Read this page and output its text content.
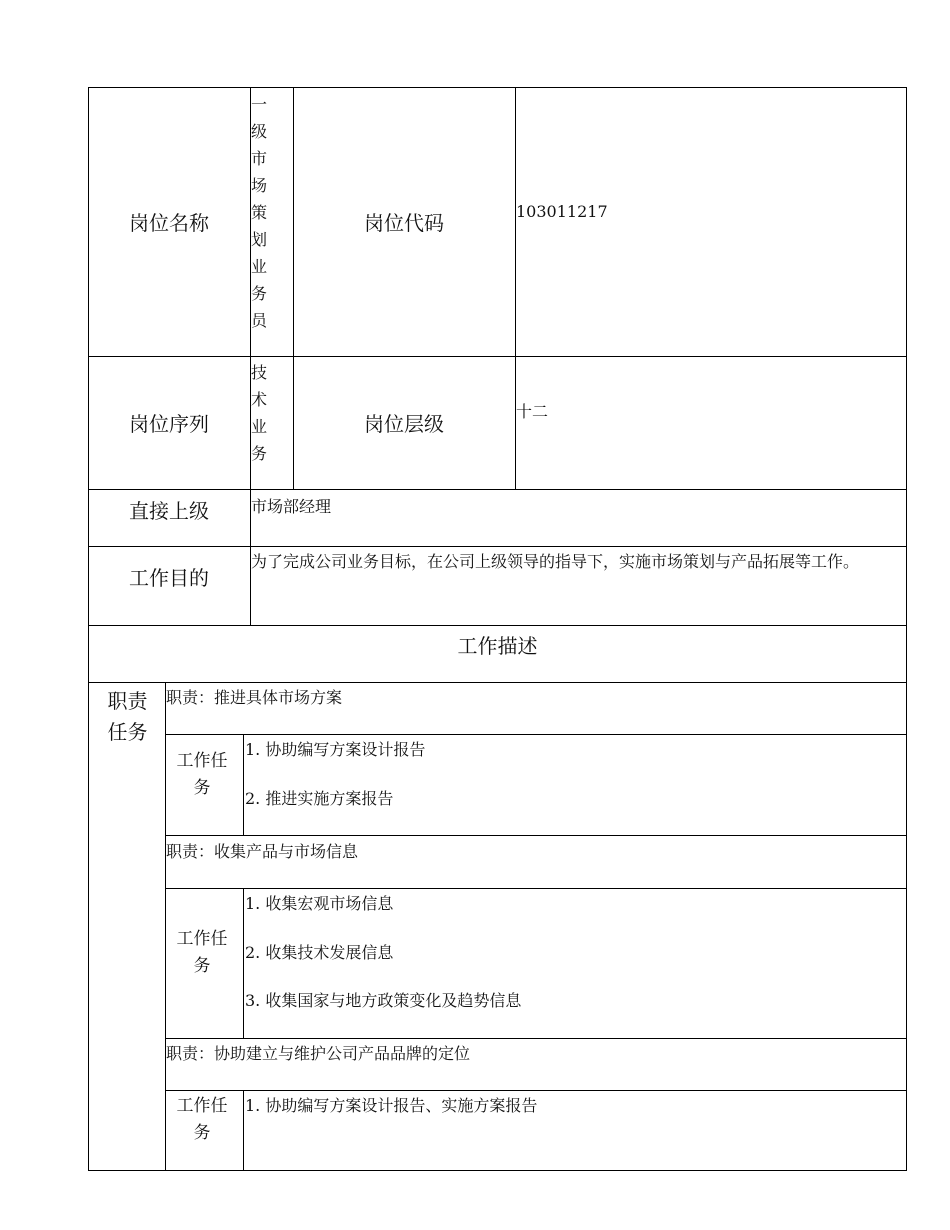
岗位名称
一级市场策划业务员
岗位代码	103011217
岗位序列
技术业务
岗位层级
十二
直接上级	市场部经理
工作目的
为了完成公司业务目标，在公司上级领导的指导下，实施市场策划与产品拓展等工作。
工作描述
职责任务
职责：推进具体市场方案
工作任务
1. 协助编写方案设计报告
2. 推进实施方案报告
职责：收集产品与市场信息
工作任务
1. 收集宏观市场信息
2. 收集技术发展信息
3. 收集国家与地方政策变化及趋势信息
职责：协助建立与维护公司产品品牌的定位
工作任务
1. 协助编写方案设计报告、实施方案报告
